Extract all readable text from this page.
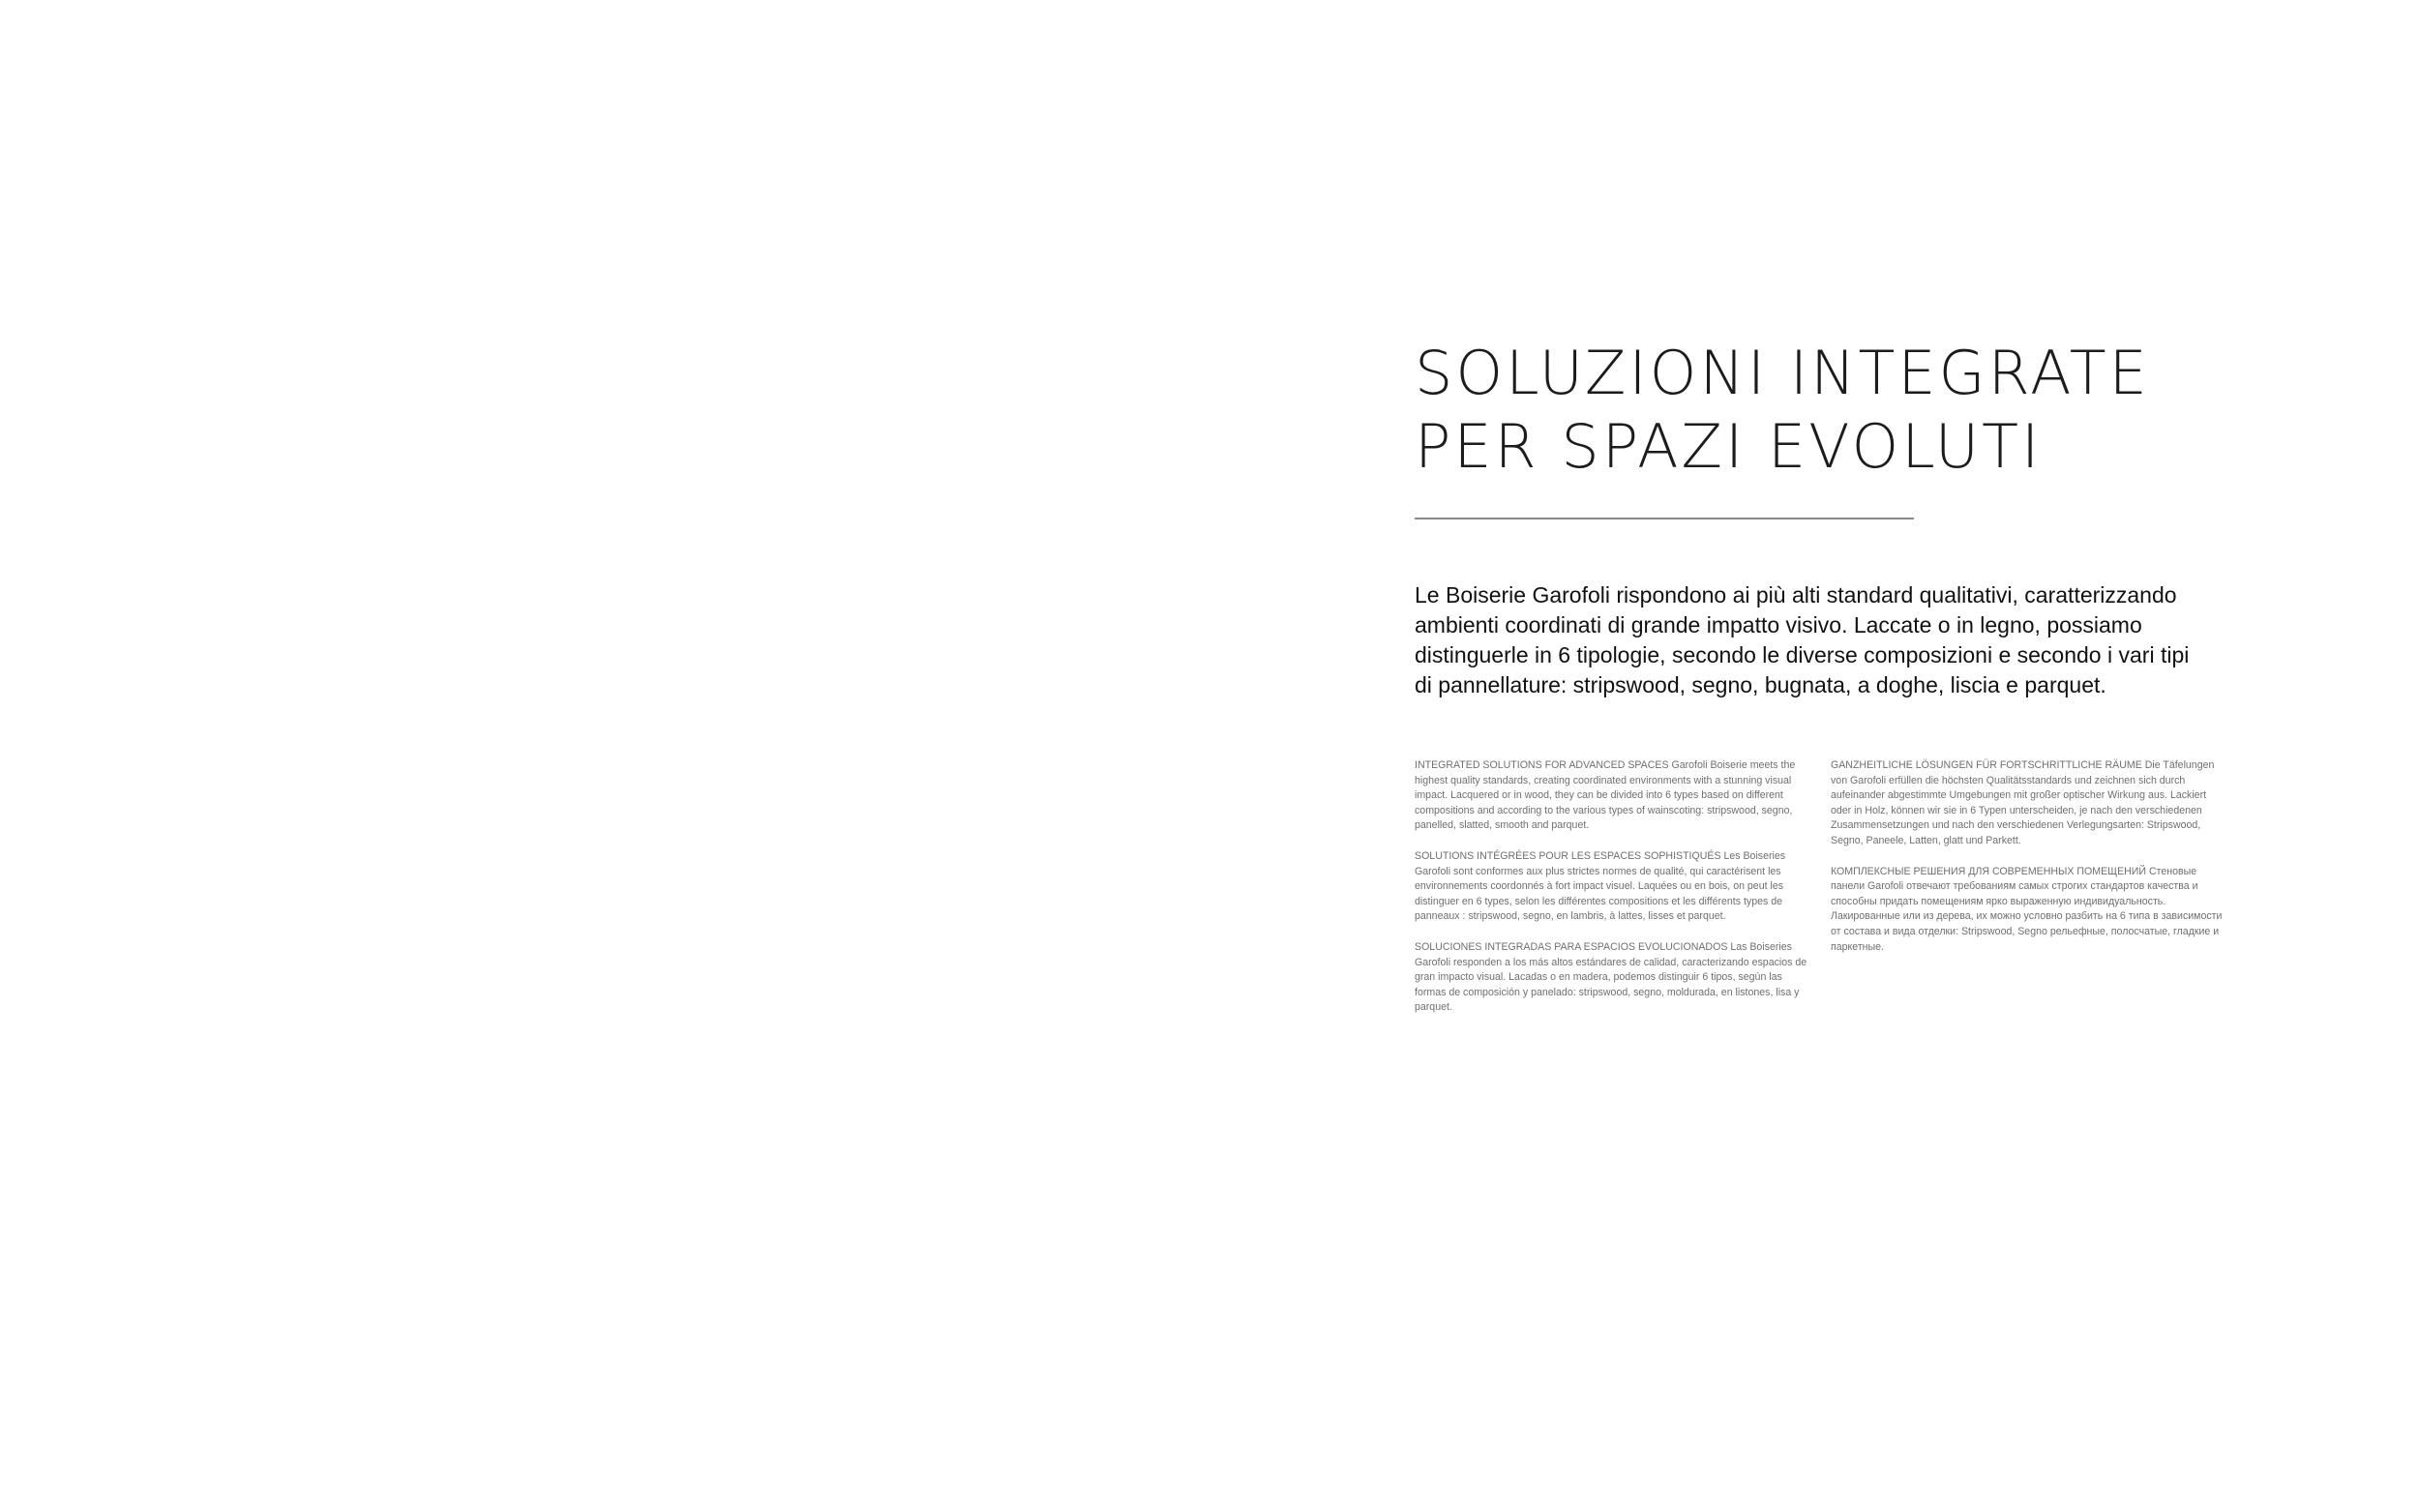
SOLUZIONI INTEGRATE
PER SPAZI EVOLUTI

Le Boiserie Garofoli rispondono ai più alti standard qualitativi, caratterizzando ambienti coordinati di grande impatto visivo. Laccate o in legno, possiamo distinguerle in 6 tipologie, secondo le diverse composizioni e secondo i vari tipi di pannellature: stripswood, segno, bugnata, a doghe, liscia e parquet.

INTEGRATED SOLUTIONS FOR ADVANCED SPACES Garofoli Boiserie meets the highest quality standards, creating coordinated environments with a stunning visual impact. Lacquered or in wood, they can be divided into 6 types based on different compositions and according to the various types of wainscoting: stripswood, segno, panelled, slatted, smooth and parquet.

SOLUTIONS INTÉGRÉES POUR LES ESPACES SOPHISTIQUÉS Les Boiseries Garofoli sont conformes aux plus strictes normes de qualité, qui caractérisent les environnements coordonnés à fort impact visuel. Laquées ou en bois, on peut les distinguer en 6 types, selon les différentes compositions et les différents types de panneaux : stripswood, segno, en lambris, à lattes, lisses et parquet.

SOLUCIONES INTEGRADAS PARA ESPACIOS EVOLUCIONADOS Las Boiseries Garofoli responden a los más altos estándares de calidad, caracterizando espacios de gran impacto visual. Lacadas o en madera, podemos distinguir 6 tipos, según las formas de composición y panelado: stripswood, segno, moldurada, en listones, lisa y parquet.

GANZHEITLICHE LÖSUNGEN FÜR FORTSCHRITTLICHE RÄUME Die Täfelungen von Garofoli erfüllen die höchsten Qualitätsstandards und zeichnen sich durch aufeinander abgestimmte Umgebungen mit großer optischer Wirkung aus. Lackiert oder in Holz, können wir sie in 6 Typen unterscheiden, je nach den verschiedenen Zusammensetzungen und nach den verschiedenen Verlegungsarten: Stripswood, Segno, Paneele, Latten, glatt und Parkett.

КОМПЛЕКСНЫЕ РЕШЕНИЯ ДЛЯ СОВРЕМЕННЫХ ПОМЕЩЕНИЙ Стеновые панели Garofoli отвечают требованиям самых строгих стандартов качества и способны придать помещениям ярко выраженную индивидуальность. Лакированные или из дерева, их можно условно разбить на 6 типа в зависимости от состава и вида отделки: Stripswood, Segno рельефные, полосчатые, гладкие и паркетные.
